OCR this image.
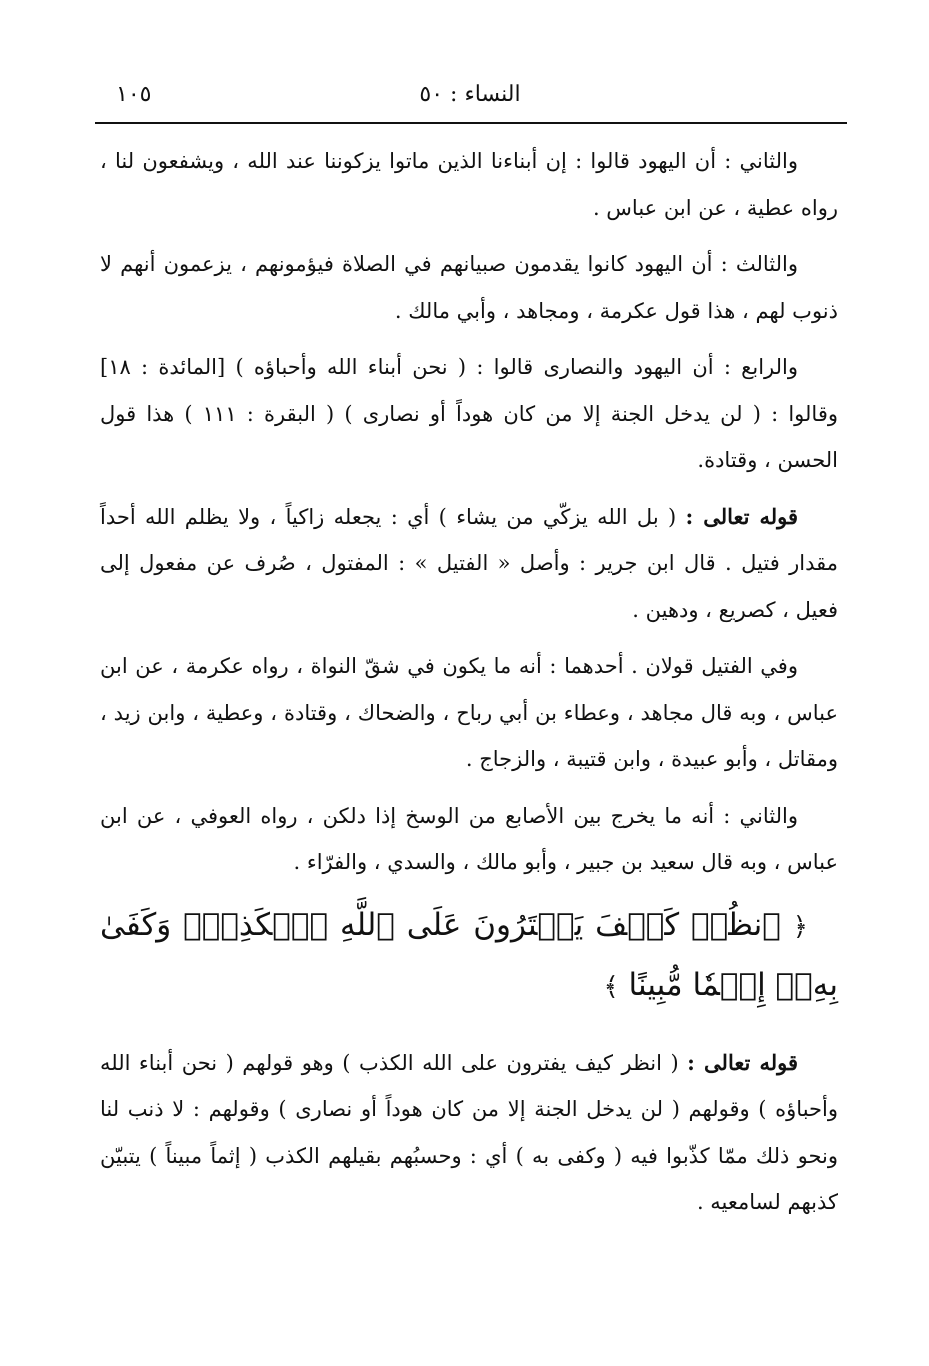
١٠٥	النساء : ٥٠

والثاني : أن اليهود قالوا : إن أبناءنا الذين ماتوا يزكوننا عند الله ، ويشفعون لنا ، رواه عطية ، عن ابن عباس .

والثالث : أن اليهود كانوا يقدمون صبيانهم في الصلاة فيؤمونهم ، يزعمون أنهم لا ذنوب لهم ، هذا قول عكرمة ، ومجاهد ، وأبي مالك .

والرابع : أن اليهود والنصارى قالوا : ( نحن أبناء الله وأحباؤه ) [المائدة : ١٨] وقالوا : ( لن يدخل الجنة إلا من كان هوداً أو نصارى ) ( البقرة : ١١١ ) هذا قول الحسن ، وقتادة.

قوله تعالى : ( بل الله يزكّي من يشاء ) أي : يجعله زاكياً ، ولا يظلم الله أحداً مقدار فتيل . قال ابن جرير : وأصل « الفتيل » : المفتول ، صُرف عن مفعول إلى فعيل ، كصريع ، ودهين .

وفي الفتيل قولان . أحدهما : أنه ما يكون في شقّ النواة ، رواه عكرمة ، عن ابن عباس ، وبه قال مجاهد ، وعطاء بن أبي رباح ، والضحاك ، وقتادة ، وعطية ، وابن زيد ، ومقاتل ، وأبو عبيدة ، وابن قتيبة ، والزجاج .

والثاني : أنه ما يخرج بين الأصابع من الوسخ إذا دلكن ، رواه العوفي ، عن ابن عباس ، وبه قال سعيد بن جبير ، وأبو مالك ، والسدي ، والفرّاء .

﴿ ٱنظُرۡ كَيۡفَ يَفۡتَرُونَ عَلَى ٱللَّهِ ٱلۡكَذِبَۖ وَكَفَىٰ بِهِۦٓ إِثۡمٗا مُّبِينًا ﴾

قوله تعالى : ( انظر كيف يفترون على الله الكذب ) وهو قولهم ( نحن أبناء الله وأحباؤه ) وقولهم ( لن يدخل الجنة إلا من كان هوداً أو نصارى ) وقولهم : لا ذنب لنا ونحو ذلك ممّا كذّبوا فيه ( وكفى به ) أي : وحسبُهم بقيلهم الكذب ( إثماً مبيناً ) يتبيّن كذبهم لسامعيه .
